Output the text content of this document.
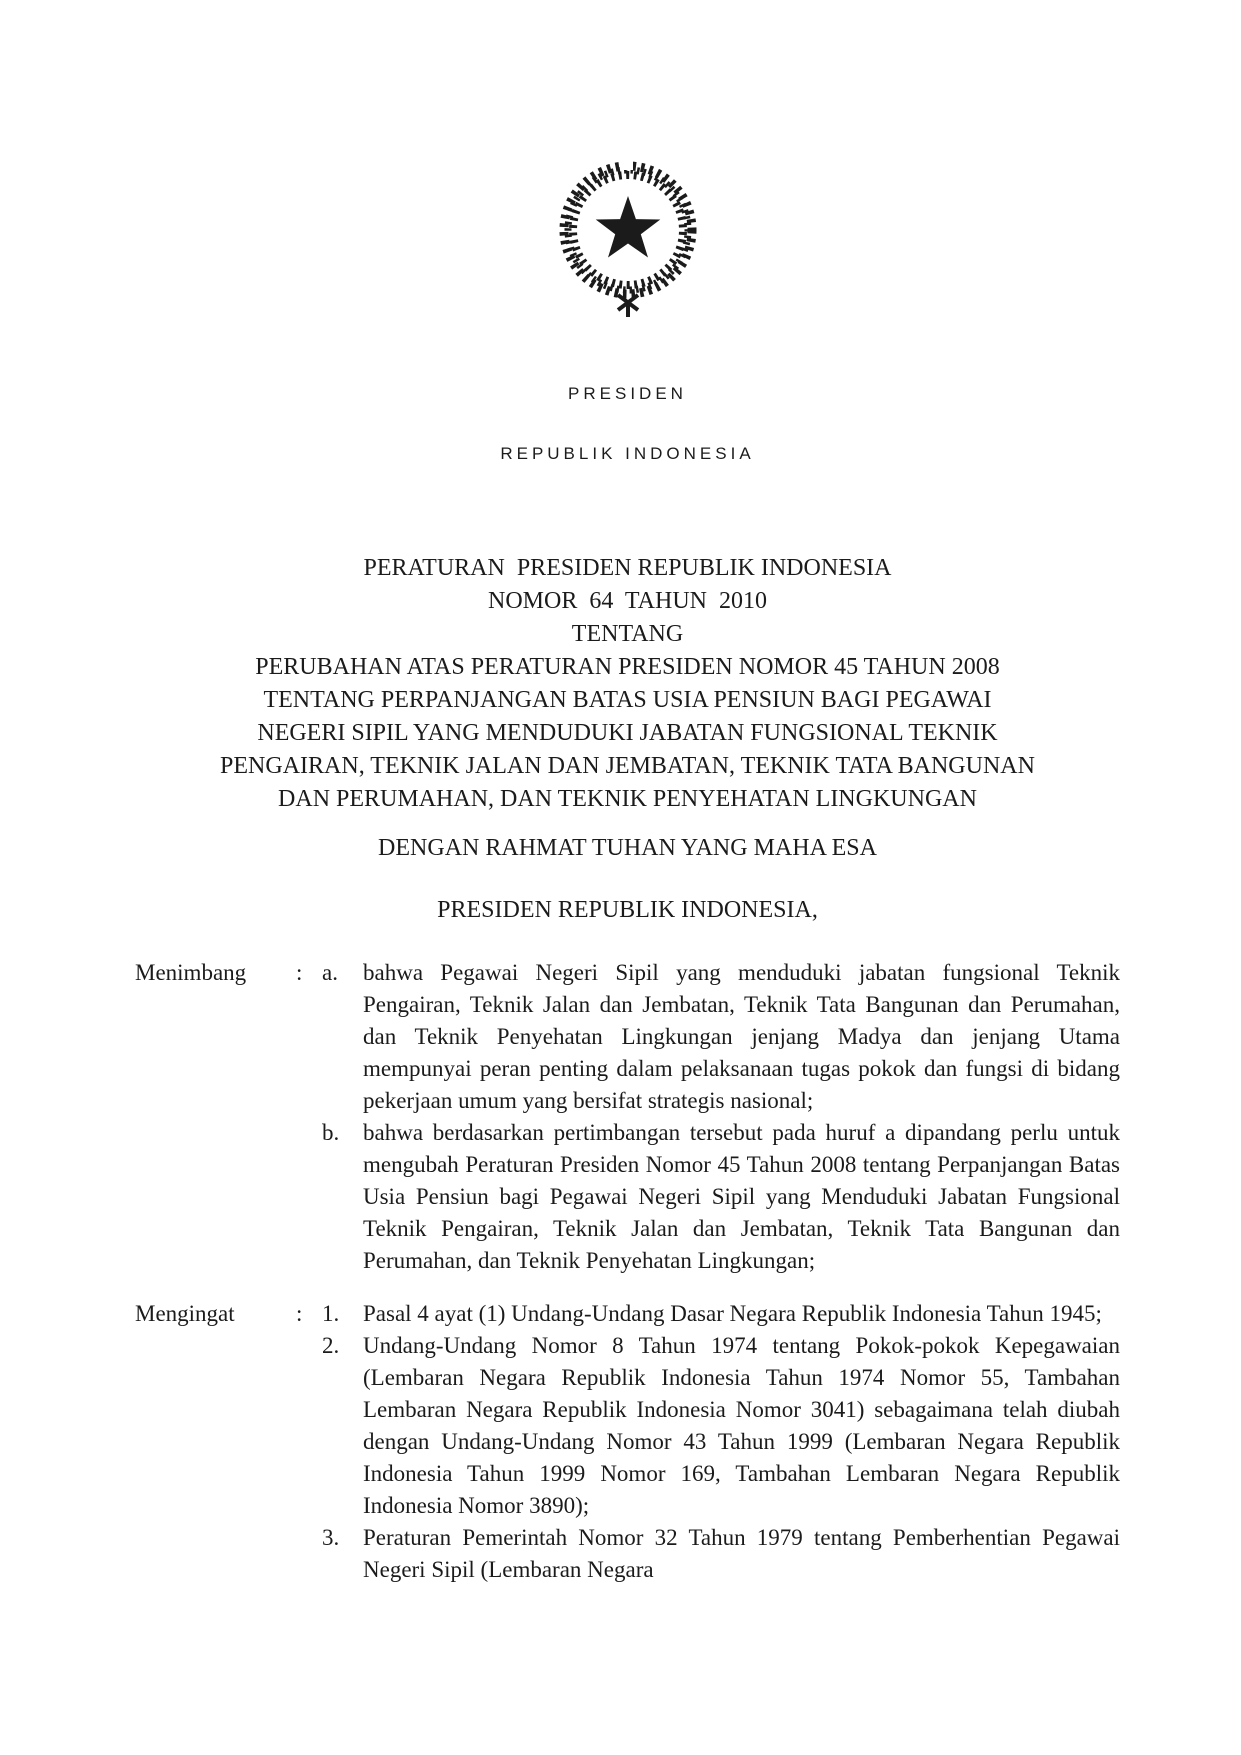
PRESIDEN

REPUBLIK INDONESIA

PERATURAN  PRESIDEN REPUBLIK INDONESIA
NOMOR  64  TAHUN  2010
TENTANG
PERUBAHAN ATAS PERATURAN PRESIDEN NOMOR 45 TAHUN 2008
TENTANG PERPANJANGAN BATAS USIA PENSIUN BAGI PEGAWAI
NEGERI SIPIL YANG MENDUDUKI JABATAN FUNGSIONAL TEKNIK
PENGAIRAN, TEKNIK JALAN DAN JEMBATAN, TEKNIK TATA BANGUNAN
DAN PERUMAHAN, DAN TEKNIK PENYEHATAN LINGKUNGAN
DENGAN RAHMAT TUHAN YANG MAHA ESA
PRESIDEN REPUBLIK INDONESIA,
Menimbang	: a.	bahwa Pegawai Negeri Sipil yang menduduki jabatan fungsional Teknik Pengairan, Teknik Jalan dan Jembatan, Teknik Tata Bangunan dan Perumahan, dan Teknik Penyehatan Lingkungan jenjang Madya dan jenjang Utama mempunyai peran penting dalam pelaksanaan tugas pokok dan fungsi di bidang pekerjaan umum yang bersifat strategis nasional;
b.	bahwa berdasarkan pertimbangan tersebut pada huruf a dipandang perlu untuk mengubah Peraturan Presiden Nomor 45 Tahun 2008 tentang Perpanjangan Batas Usia Pensiun bagi Pegawai Negeri Sipil yang Menduduki Jabatan Fungsional Teknik Pengairan, Teknik Jalan dan Jembatan, Teknik Tata Bangunan dan Perumahan, dan Teknik Penyehatan Lingkungan;
Mengingat	: 1.	Pasal 4 ayat (1) Undang-Undang Dasar Negara Republik Indonesia Tahun 1945;
2.	Undang-Undang Nomor 8 Tahun 1974 tentang Pokok-pokok Kepegawaian (Lembaran Negara Republik Indonesia Tahun 1974 Nomor 55, Tambahan Lembaran Negara Republik Indonesia Nomor 3041) sebagaimana telah diubah dengan Undang-Undang Nomor 43 Tahun 1999 (Lembaran Negara Republik Indonesia Tahun 1999 Nomor 169, Tambahan Lembaran Negara Republik Indonesia Nomor 3890);
3.	Peraturan Pemerintah Nomor 32 Tahun 1979 tentang Pemberhentian Pegawai Negeri Sipil (Lembaran Negara
